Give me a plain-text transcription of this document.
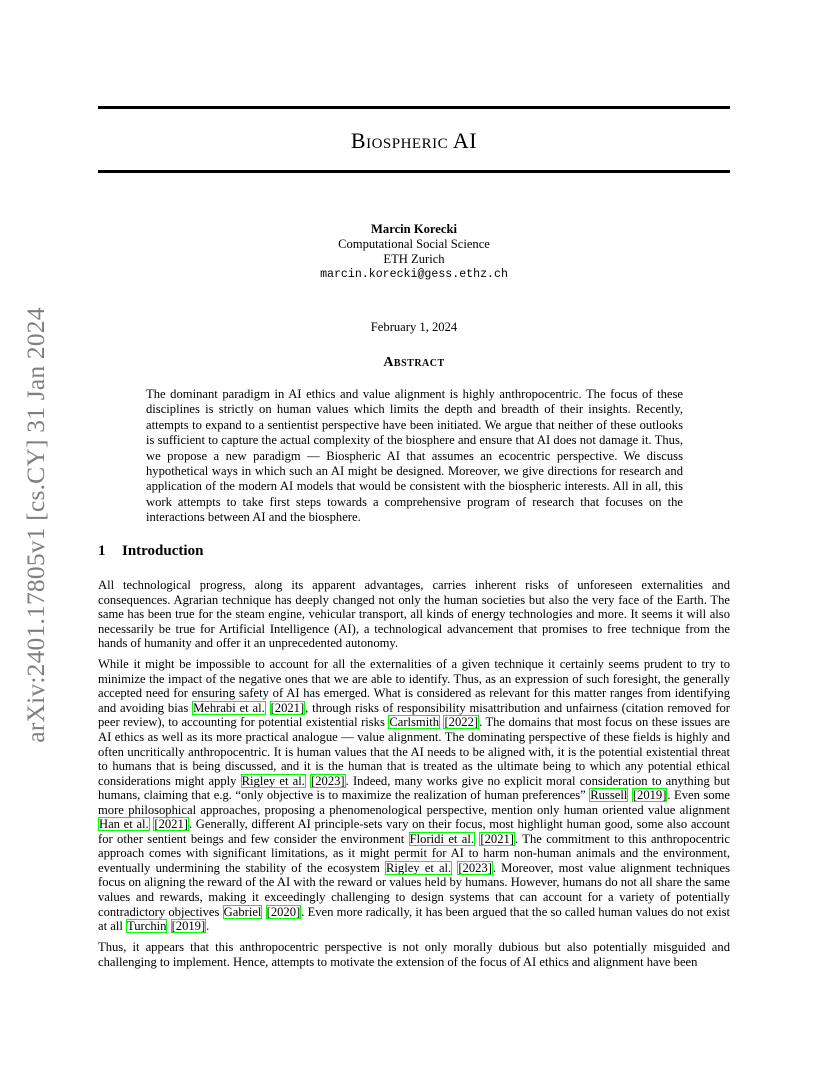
arXiv:2401.17805v1 [cs.CY] 31 Jan 2024
Biospheric AI
Marcin Korecki
Computational Social Science
ETH Zurich
marcin.korecki@gess.ethz.ch
February 1, 2024
Abstract
The dominant paradigm in AI ethics and value alignment is highly anthropocentric. The focus of these disciplines is strictly on human values which limits the depth and breadth of their insights. Recently, attempts to expand to a sentientist perspective have been initiated. We argue that neither of these outlooks is sufficient to capture the actual complexity of the biosphere and ensure that AI does not damage it. Thus, we propose a new paradigm — Biospheric AI that assumes an ecocentric perspective. We discuss hypothetical ways in which such an AI might be designed. Moreover, we give directions for research and application of the modern AI models that would be consistent with the biospheric interests. All in all, this work attempts to take first steps towards a comprehensive program of research that focuses on the interactions between AI and the biosphere.
1 Introduction

All technological progress, along its apparent advantages, carries inherent risks of unforeseen externalities and consequences. Agrarian technique has deeply changed not only the human societies but also the very face of the Earth. The same has been true for the steam engine, vehicular transport, all kinds of energy technologies and more. It seems it will also necessarily be true for Artificial Intelligence (AI), a technological advancement that promises to free technique from the hands of humanity and offer it an unprecedented autonomy.

While it might be impossible to account for all the externalities of a given technique it certainly seems prudent to try to minimize the impact of the negative ones that we are able to identify. Thus, as an expression of such foresight, the generally accepted need for ensuring safety of AI has emerged. What is considered as relevant for this matter ranges from identifying and avoiding bias Mehrabi et al. [2021], through risks of responsibility misattribution and unfairness (citation removed for peer review), to accounting for potential existential risks Carlsmith [2022]. The domains that most focus on these issues are AI ethics as well as its more practical analogue — value alignment. The dominating perspective of these fields is highly and often uncritically anthropocentric. It is human values that the AI needs to be aligned with, it is the potential existential threat to humans that is being discussed, and it is the human that is treated as the ultimate being to which any potential ethical considerations might apply Rigley et al. [2023]. Indeed, many works give no explicit moral consideration to anything but humans, claiming that e.g. “only objective is to maximize the realization of human preferences” Russell [2019]. Even some more philosophical approaches, proposing a phenomenological perspective, mention only human oriented value alignment Han et al. [2021]. Generally, different AI principle-sets vary on their focus, most highlight human good, some also account for other sentient beings and few consider the environment Floridi et al. [2021]. The commitment to this anthropocentric approach comes with significant limitations, as it might permit for AI to harm non-human animals and the environment, eventually undermining the stability of the ecosystem Rigley et al. [2023]. Moreover, most value alignment techniques focus on aligning the reward of the AI with the reward or values held by humans. However, humans do not all share the same values and rewards, making it exceedingly challenging to design systems that can account for a variety of potentially contradictory objectives Gabriel [2020]. Even more radically, it has been argued that the so called human values do not exist at all Turchin [2019].

Thus, it appears that this anthropocentric perspective is not only morally dubious but also potentially misguided and challenging to implement. Hence, attempts to motivate the extension of the focus of AI ethics and alignment have been
